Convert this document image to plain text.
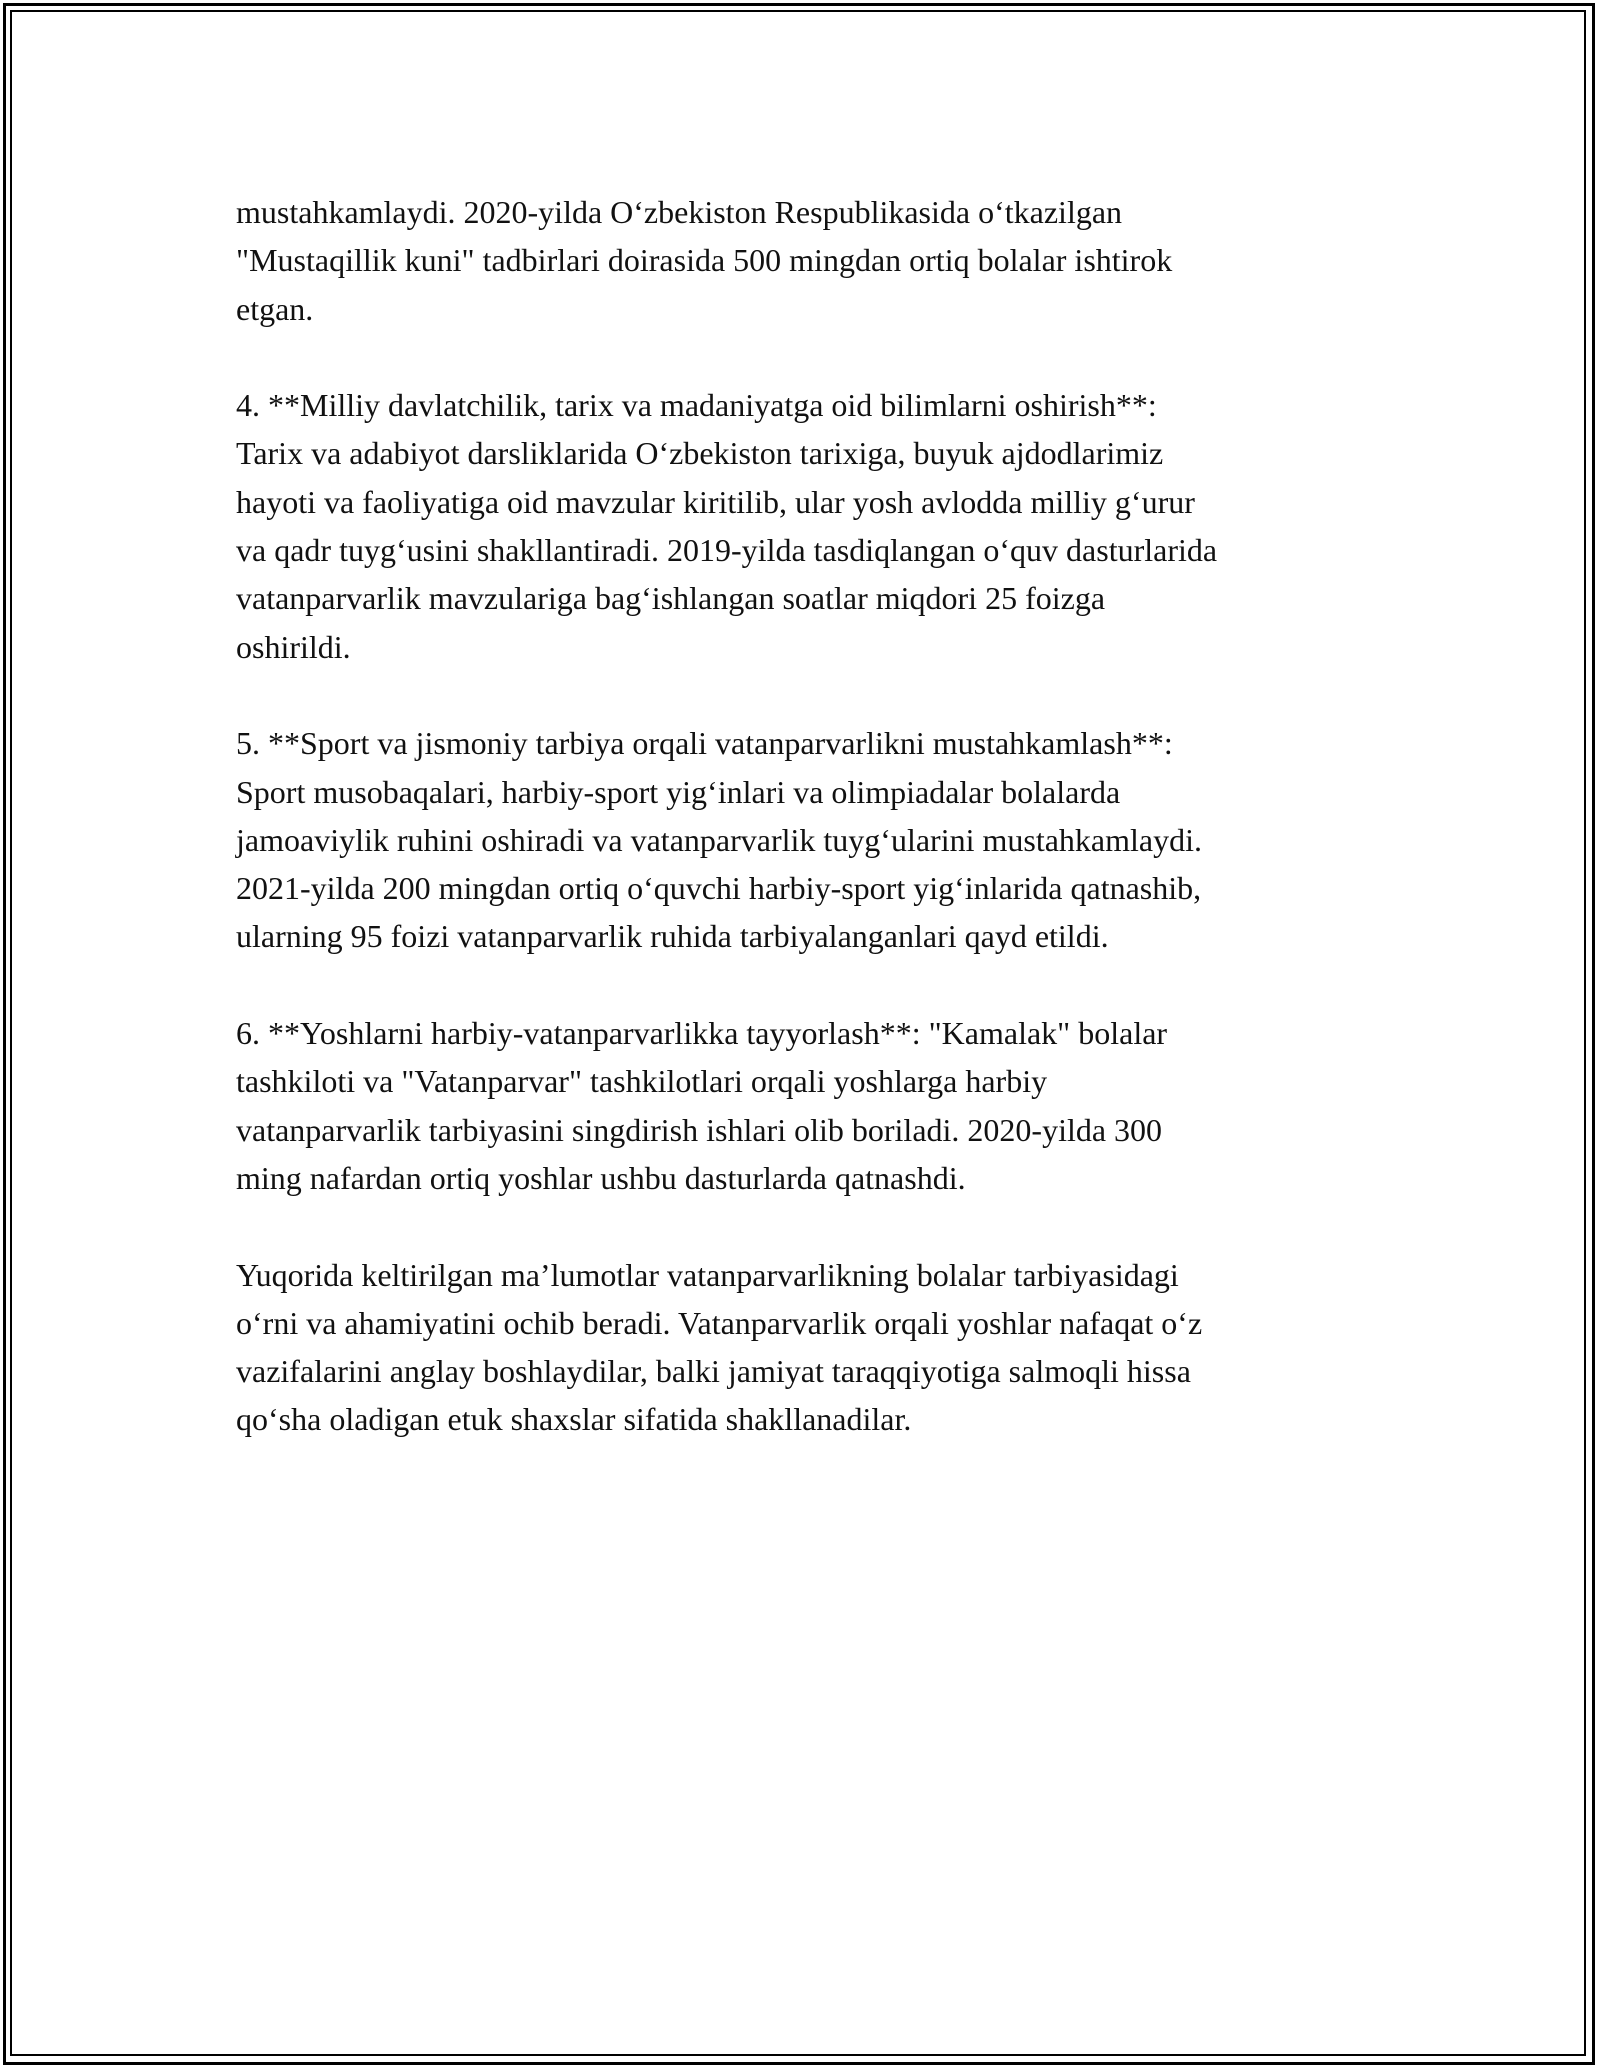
mustahkamlaydi. 2020-yilda O‘zbekiston Respublikasida o‘tkazilgan
"Mustaqillik kuni" tadbirlari doirasida 500 mingdan ortiq bolalar ishtirok
etgan.

4. **Milliy davlatchilik, tarix va madaniyatga oid bilimlarni oshirish**:
Tarix va adabiyot darsliklarida O‘zbekiston tarixiga, buyuk ajdodlarimiz
hayoti va faoliyatiga oid mavzular kiritilib, ular yosh avlodda milliy g‘urur
va qadr tuyg‘usini shakllantiradi. 2019-yilda tasdiqlangan o‘quv dasturlarida
vatanparvarlik mavzulariga bag‘ishlangan soatlar miqdori 25 foizga
oshirildi.

5. **Sport va jismoniy tarbiya orqali vatanparvarlikni mustahkamlash**:
Sport musobaqalari, harbiy-sport yig‘inlari va olimpiadalar bolalarda
jamoaviylik ruhini oshiradi va vatanparvarlik tuyg‘ularini mustahkamlaydi.
2021-yilda 200 mingdan ortiq o‘quvchi harbiy-sport yig‘inlarida qatnashib,
ularning 95 foizi vatanparvarlik ruhida tarbiyalanganlari qayd etildi.

6. **Yoshlarni harbiy-vatanparvarlikka tayyorlash**: "Kamalak" bolalar
tashkiloti va "Vatanparvar" tashkilotlari orqali yoshlarga harbiy
vatanparvarlik tarbiyasini singdirish ishlari olib boriladi. 2020-yilda 300
ming nafardan ortiq yoshlar ushbu dasturlarda qatnashdi.

Yuqorida keltirilgan ma’lumotlar vatanparvarlikning bolalar tarbiyasidagi
o‘rni va ahamiyatini ochib beradi. Vatanparvarlik orqali yoshlar nafaqat o‘z
vazifalarini anglay boshlaydilar, balki jamiyat taraqqiyotiga salmoqli hissa
qo‘sha oladigan etuk shaxslar sifatida shakllanadilar.
